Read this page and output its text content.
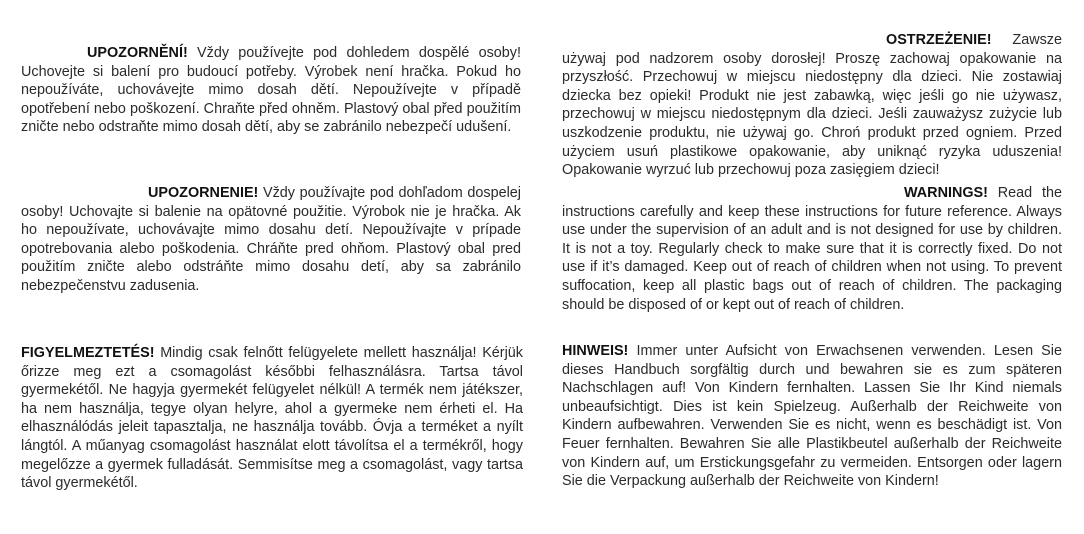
UPOZORNĚNÍ! Vždy používejte pod dohledem dospělé osoby! Uchovejte si balení pro budoucí potřeby. Výrobek není hračka. Pokud ho nepoužíváte, uchovávejte mimo dosah dětí. Nepoužívejte v případě opotřebení nebo poškození. Chraňte před ohněm. Plastový obal před použitím zničte nebo odstraňte mimo dosah dětí, aby se zabránilo nebezpečí udušení.
UPOZORNENIE! Vždy používajte pod dohľadom dospelej osoby! Uchovajte si balenie na opätovné použitie. Výrobok nie je hračka. Ak ho nepoužívate, uchovávajte mimo dosahu detí. Nepoužívajte v prípade opotrebovania alebo poškodenia. Chráňte pred ohňom. Plastový obal pred použitím zničte alebo odstráňte mimo dosahu detí, aby sa zabránilo nebezpečenstvu zadusenia.
FIGYELMEZTETÉS! Mindig csak felnőtt felügyelete mellett használja! Kérjük őrizze meg ezt a csomagolást későbbi felhasználásra. Tartsa távol gyermekétől. Ne hagyja gyermekét felügyelet nélkül! A termék nem játékszer, ha nem használja, tegye olyan helyre, ahol a gyermeke nem érheti el. Ha elhasználódás jeleit tapasztalja, ne használja tovább. Óvja a terméket a nyílt lángtól. A műanyag csomagolást használat elott távolítsa el a termékről, hogy megelőzze a gyermek fulladását. Semmisítse meg a csomagolást, vagy tartsa távol gyermekétől.
OSTRZEŻENIE! Zawsze używaj pod nadzorem osoby dorosłej! Proszę zachowaj opakowanie na przyszłość. Przechowuj w miejscu niedostępny dla dzieci. Nie zostawiaj dziecka bez opieki! Produkt nie jest zabawką, więc jeśli go nie używasz, przechowuj w miejscu niedostępnym dla dzieci. Jeśli zauważysz zużycie lub uszkodzenie produktu, nie używaj go. Chroń produkt przed ogniem. Przed użyciem usuń plastikowe opakowanie, aby uniknąć ryzyka uduszenia! Opakowanie wyrzuć lub przechowuj poza zasięgiem dzieci!
WARNINGS! Read the instructions carefully and keep these instructions for future reference. Always use under the supervision of an adult and is not designed for use by children. It is not a toy. Regularly check to make sure that it is correctly fixed. Do not use if it’s damaged. Keep out of reach of children when not using. To prevent suffocation, keep all plastic bags out of reach of children. The packaging should be disposed of or kept out of reach of children.
HINWEIS! Immer unter Aufsicht von Erwachsenen verwenden. Lesen Sie dieses Handbuch sorgfältig durch und bewahren sie es zum späteren Nachschlagen auf! Von Kindern fernhalten. Lassen Sie Ihr Kind niemals unbeaufsichtigt. Dies ist kein Spielzeug. Außerhalb der Reichweite von Kindern aufbewahren. Verwenden Sie es nicht, wenn es beschädigt ist. Von Feuer fernhalten. Bewahren Sie alle Plastikbeutel außerhalb der Reichweite von Kindern auf, um Erstickungsgefahr zu vermeiden. Entsorgen oder lagern Sie die Verpackung außerhalb der Reichweite von Kindern!
